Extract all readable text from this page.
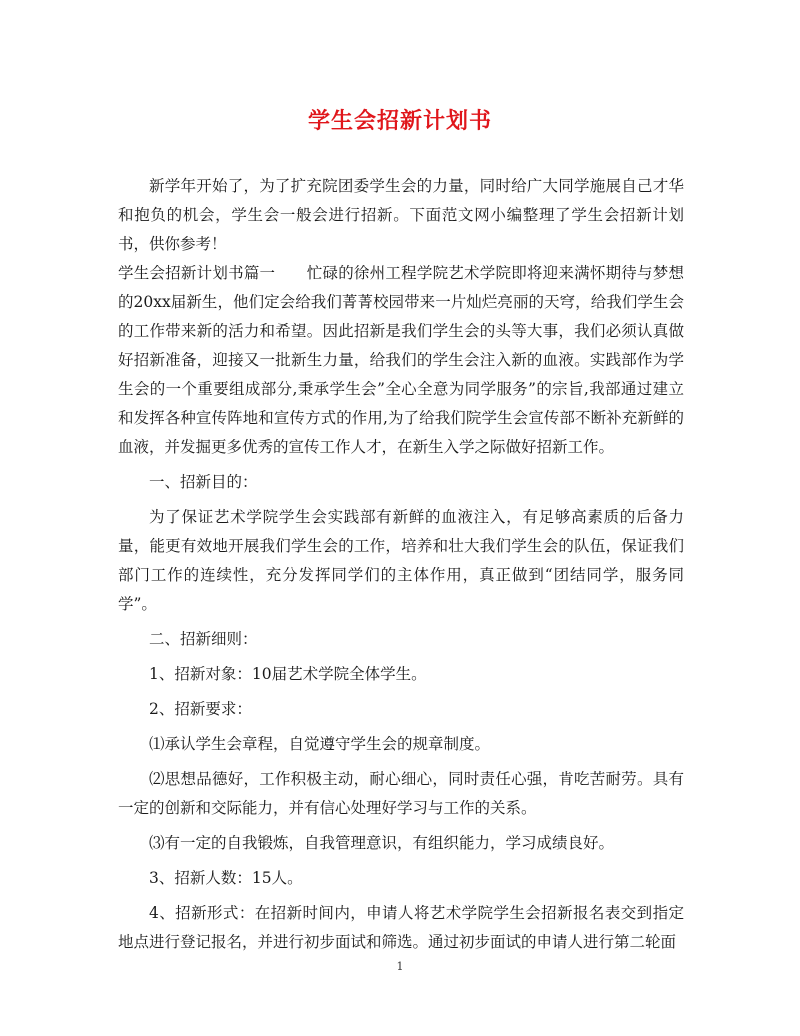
学生会招新计划书

新学年开始了，为了扩充院团委学生会的力量，同时给广大同学施展自己才华和抱负的机会，学生会一般会进行招新。下面范文网小编整理了学生会招新计划书，供你参考！

学生会招新计划书篇一　　忙碌的徐州工程学院艺术学院即将迎来满怀期待与梦想的20xx届新生，他们定会给我们菁菁校园带来一片灿烂亮丽的天穹，给我们学生会的工作带来新的活力和希望。因此招新是我们学生会的头等大事，我们必须认真做好招新准备，迎接又一批新生力量，给我们的学生会注入新的血液。实践部作为学生会的一个重要组成部分,秉承学生会”全心全意为同学服务”的宗旨,我部通过建立和发挥各种宣传阵地和宣传方式的作用,为了给我们院学生会宣传部不断补充新鲜的血液，并发掘更多优秀的宣传工作人才，在新生入学之际做好招新工作。

一、招新目的：

为了保证艺术学院学生会实践部有新鲜的血液注入，有足够高素质的后备力量，能更有效地开展我们学生会的工作，培养和壮大我们学生会的队伍，保证我们部门工作的连续性，充分发挥同学们的主体作用，真正做到“团结同学，服务同学”。

二、招新细则：

1、招新对象：10届艺术学院全体学生。

2、招新要求：

⑴承认学生会章程，自觉遵守学生会的规章制度。

⑵思想品德好，工作积极主动，耐心细心，同时责任心强，肯吃苦耐劳。具有一定的创新和交际能力，并有信心处理好学习与工作的关系。

⑶有一定的自我锻炼，自我管理意识，有组织能力，学习成绩良好。

3、招新人数：15人。

4、招新形式：在招新时间内，申请人将艺术学院学生会招新报名表交到指定地点进行登记报名，并进行初步面试和筛选。通过初步面试的申请人进行第二轮面

1
